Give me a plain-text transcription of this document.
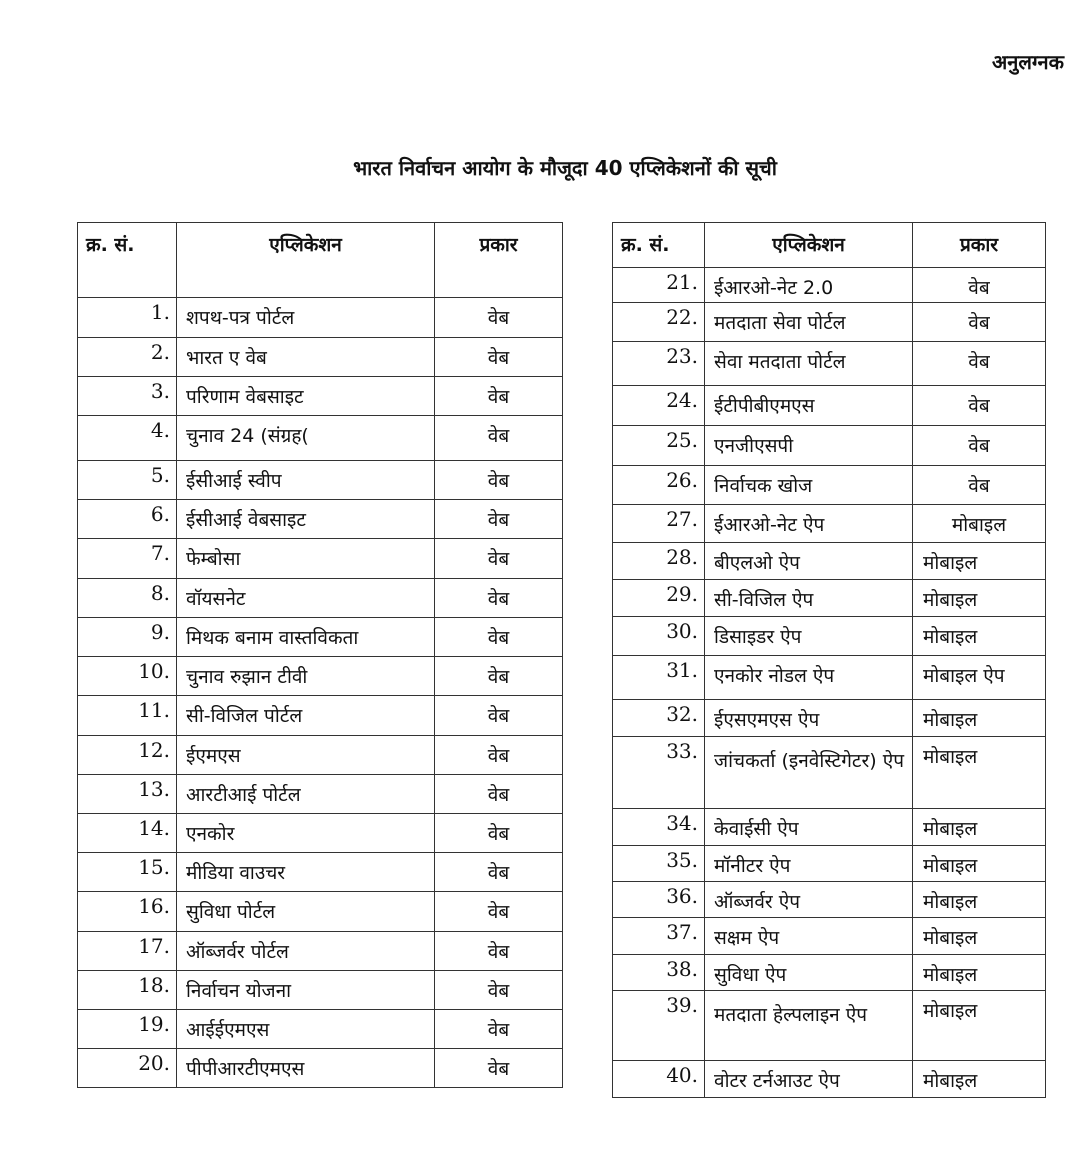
अनुलग्नक
भारत निर्वाचन आयोग के मौजूदा 40 एप्लिकेशनों की सूची
क्र. सं.	एप्लिकेशन	प्रकार
1.	शपथ-पत्र पोर्टल	वेब
2.	भारत ए वेब	वेब
3.	परिणाम वेबसाइट	वेब
4.	चुनाव 24 (संग्रह(	वेब
5.	ईसीआई स्वीप	वेब
6.	ईसीआई वेबसाइट	वेब
7.	फेम्बोसा	वेब
8.	वॉयसनेट	वेब
9.	मिथक बनाम वास्तविकता	वेब
10.	चुनाव रुझान टीवी	वेब
11.	सी-विजिल पोर्टल	वेब
12.	ईएमएस	वेब
13.	आरटीआई पोर्टल	वेब
14.	एनकोर	वेब
15.	मीडिया वाउचर	वेब
16.	सुविधा पोर्टल	वेब
17.	ऑब्जर्वर पोर्टल	वेब
18.	निर्वाचन योजना	वेब
19.	आईईएमएस	वेब
20.	पीपीआरटीएमएस	वेब
क्र. सं.	एप्लिकेशन	प्रकार
21.	ईआरओ-नेट 2.0	वेब
22.	मतदाता सेवा पोर्टल	वेब
23.	सेवा मतदाता पोर्टल	वेब
24.	ईटीपीबीएमएस	वेब
25.	एनजीएसपी	वेब
26.	निर्वाचक खोज	वेब
27.	ईआरओ-नेट ऐप	मोबाइल
28.	बीएलओ ऐप	मोबाइल
29.	सी-विजिल ऐप	मोबाइल
30.	डिसाइडर ऐप	मोबाइल
31.	एनकोर नोडल ऐप	मोबाइल ऐप
32.	ईएसएमएस ऐप	मोबाइल
33.	जांचकर्ता (इनवेस्टिगेटर) ऐप	मोबाइल
34.	केवाईसी ऐप	मोबाइल
35.	मॉनीटर ऐप	मोबाइल
36.	ऑब्जर्वर ऐप	मोबाइल
37.	सक्षम ऐप	मोबाइल
38.	सुविधा ऐप	मोबाइल
39.	मतदाता हेल्पलाइन ऐप	मोबाइल
40.	वोटर टर्नआउट ऐप	मोबाइल
